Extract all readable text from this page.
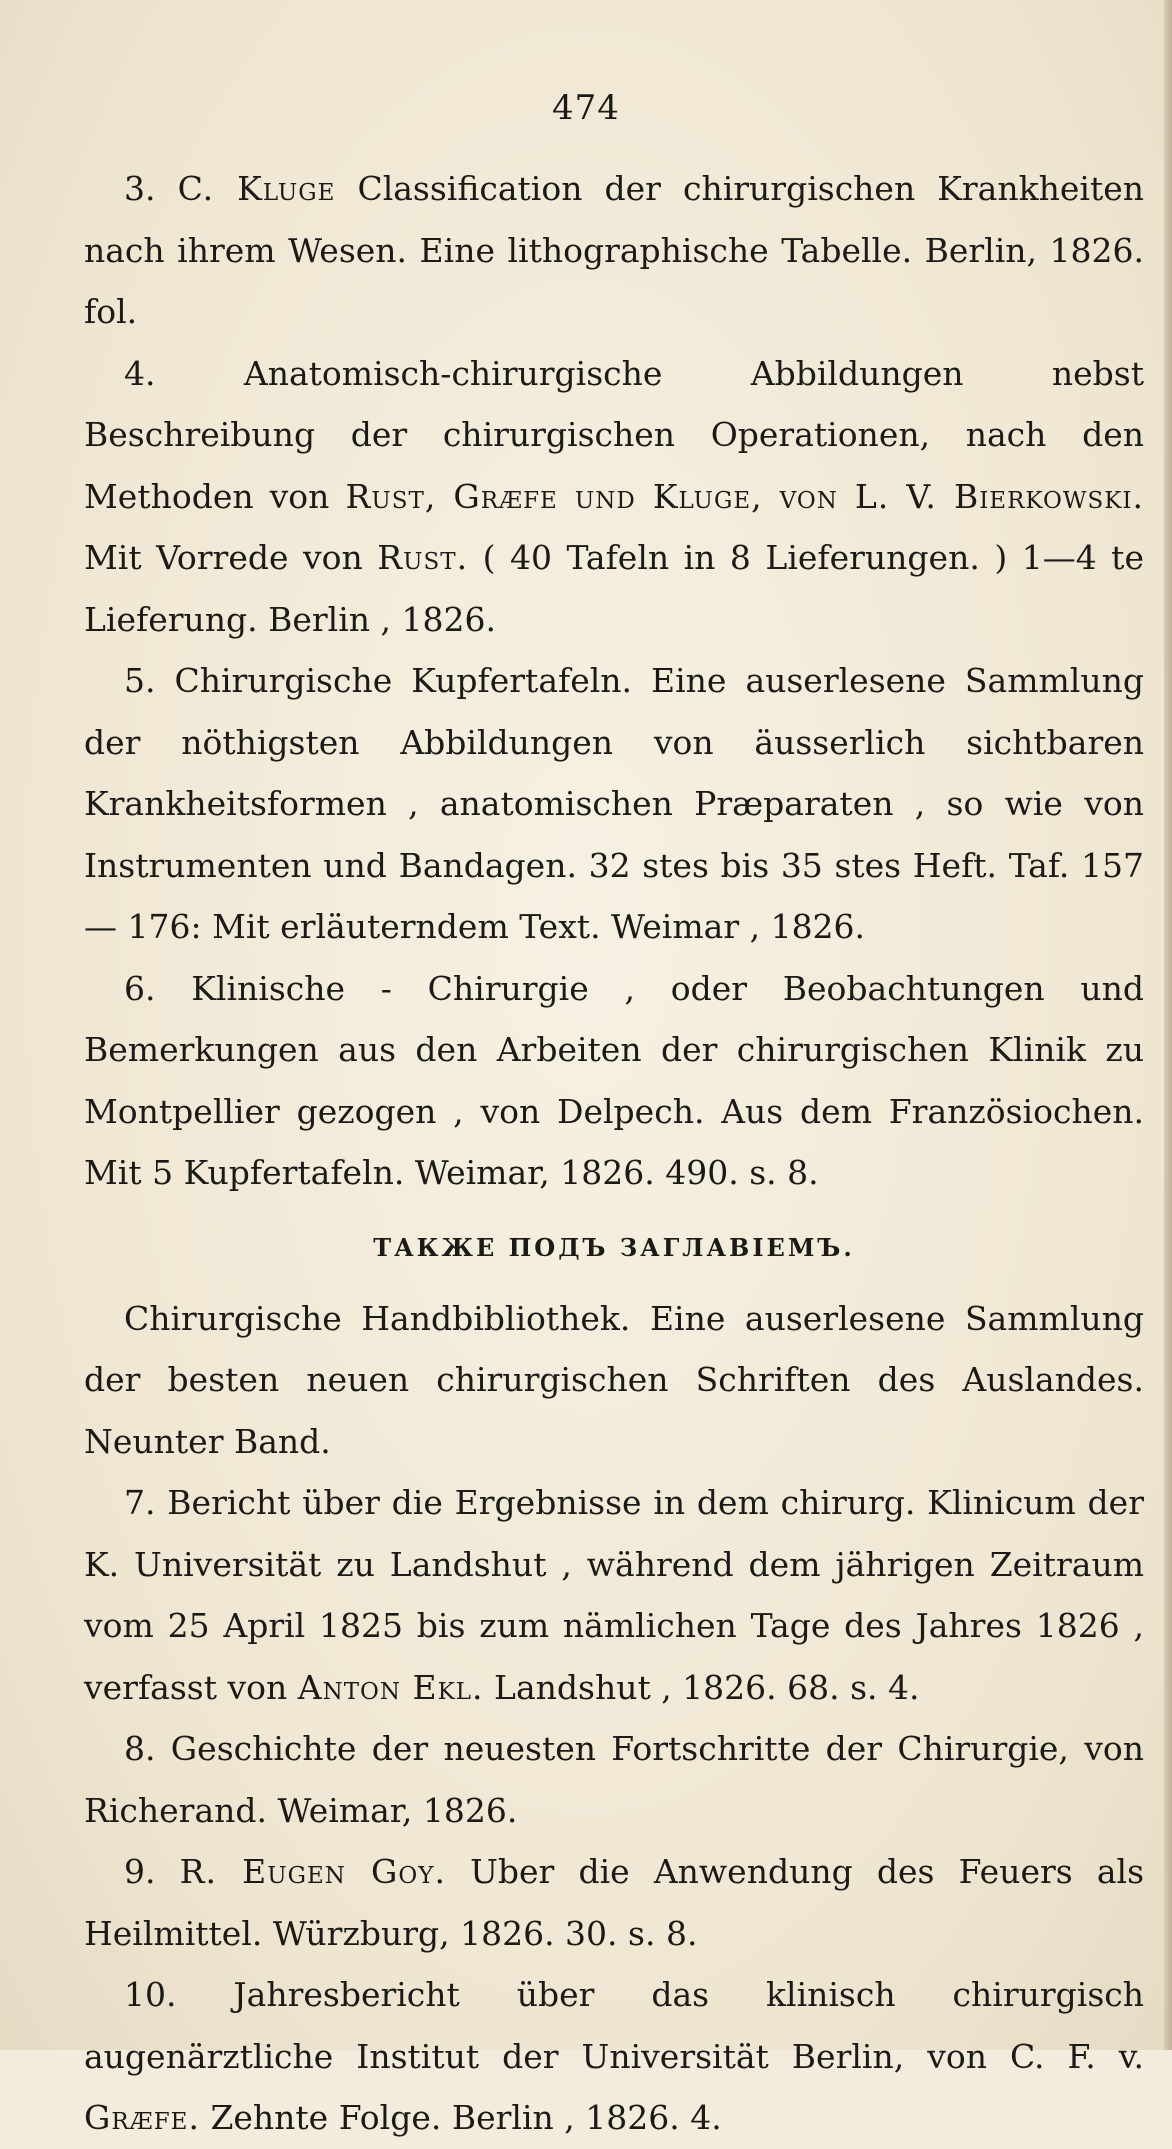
474

3. C. Kluge Classification der chirurgischen Krankheiten nach ihrem Wesen. Eine lithographische Tabelle. Berlin, 1826. fol.

4.	Anatomisch-chirurgische Abbildungen nebst Beschreibung der chirurgischen Operationen, nach den Methoden von Rust, Græfe und Kluge, von L. V. Bierkowski. Mit Vorrede von Rust. ( 40 Tafeln in 8 Lieferungen. ) 1—4 te Lieferung. Berlin , 1826.

5. Chirurgische Kupfertafeln. Eine auserlesene Sammlung der nöthigsten Abbildungen von äusserlich sichtbaren Krankheitsformen , anatomischen Præparaten , so wie von Instrumenten und Bandagen. 32 stes bis 35 stes Heft. Taf. 157 — 176: Mit erläuterndem Text. Weimar , 1826.

6. Klinische - Chirurgie , oder Beobachtungen und Bemerkungen aus den Arbeiten der chirurgischen Klinik zu Montpellier gezogen , von Delpech. Aus dem Französiochen. Mit 5 Kupfertafeln. Weimar, 1826. 490. s. 8.

ТАКЖЕ ПОДЪ ЗАГЛАВІЕМЪ.

Chirurgische Handbibliothek. Eine auserlesene Sammlung der besten neuen chirurgischen Schriften des Auslandes. Neunter Band.

7. Bericht über die Ergebnisse in dem chirurg. Klinicum der K. Universität zu Landshut , während dem jährigen Zeitraum vom 25 April 1825 bis zum nämlichen Tage des Jahres 1826 , verfasst von Anton Ekl. Landshut , 1826. 68. s. 4.

8. Geschichte der neuesten Fortschritte der Chirurgie, von Richerand. Weimar, 1826.

9. R. Eugen Goy. Uber die Anwendung des Feuers als Heilmittel. Würzburg, 1826. 30. s. 8.

10. Jahresbericht über das klinisch chirurgisch augenärztliche Institut der Universität Berlin, von C. F. v. Græfe. Zehnte Folge. Berlin , 1826. 4.
